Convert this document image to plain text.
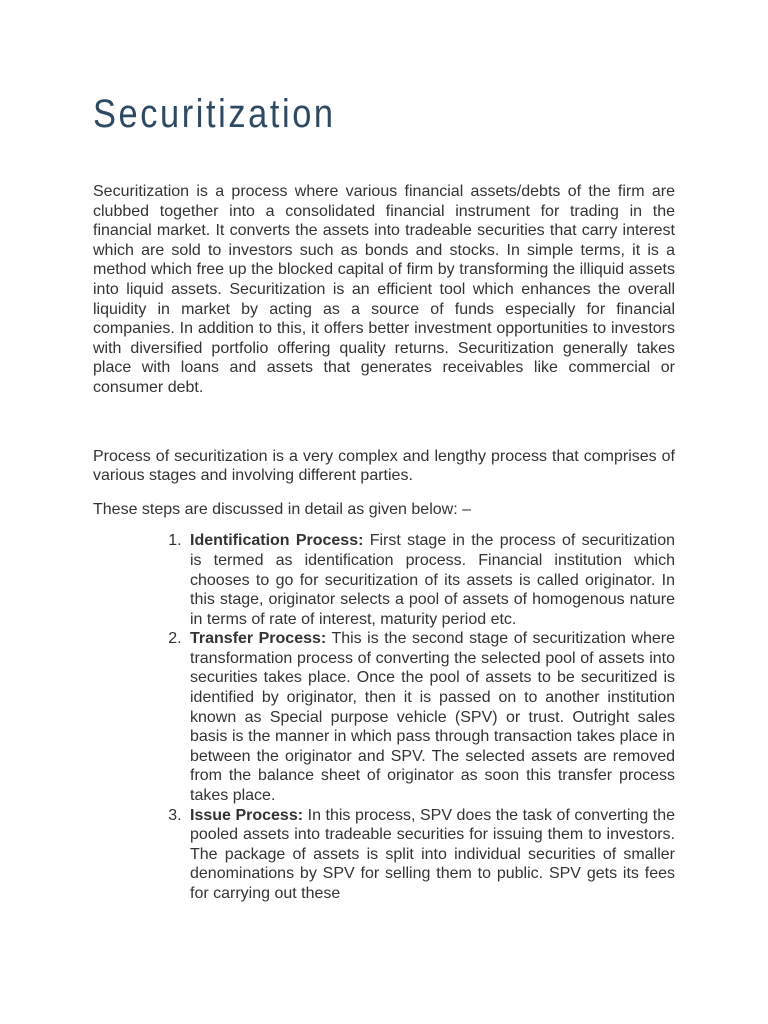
Securitization

Securitization is a process where various financial assets/debts of the firm are clubbed together into a consolidated financial instrument for trading in the financial market. It converts the assets into tradeable securities that carry interest which are sold to investors such as bonds and stocks. In simple terms, it is a method which free up the blocked capital of firm by transforming the illiquid assets into liquid assets. Securitization is an efficient tool which enhances the overall liquidity in market by acting as a source of funds especially for financial companies. In addition to this, it offers better investment opportunities to investors with diversified portfolio offering quality returns. Securitization generally takes place with loans and assets that generates receivables like commercial or consumer debt.

Process of securitization is a very complex and lengthy process that comprises of various stages and involving different parties.

These steps are discussed in detail as given below: –

1. Identification Process: First stage in the process of securitization is termed as identification process. Financial institution which chooses to go for securitization of its assets is called originator. In this stage, originator selects a pool of assets of homogenous nature in terms of rate of interest, maturity period etc.
2. Transfer Process: This is the second stage of securitization where transformation process of converting the selected pool of assets into securities takes place. Once the pool of assets to be securitized is identified by originator, then it is passed on to another institution known as Special purpose vehicle (SPV) or trust. Outright sales basis is the manner in which pass through transaction takes place in between the originator and SPV. The selected assets are removed from the balance sheet of originator as soon this transfer process takes place.
3. Issue Process: In this process, SPV does the task of converting the pooled assets into tradeable securities for issuing them to investors. The package of assets is split into individual securities of smaller denominations by SPV for selling them to public. SPV gets its fees for carrying out these
